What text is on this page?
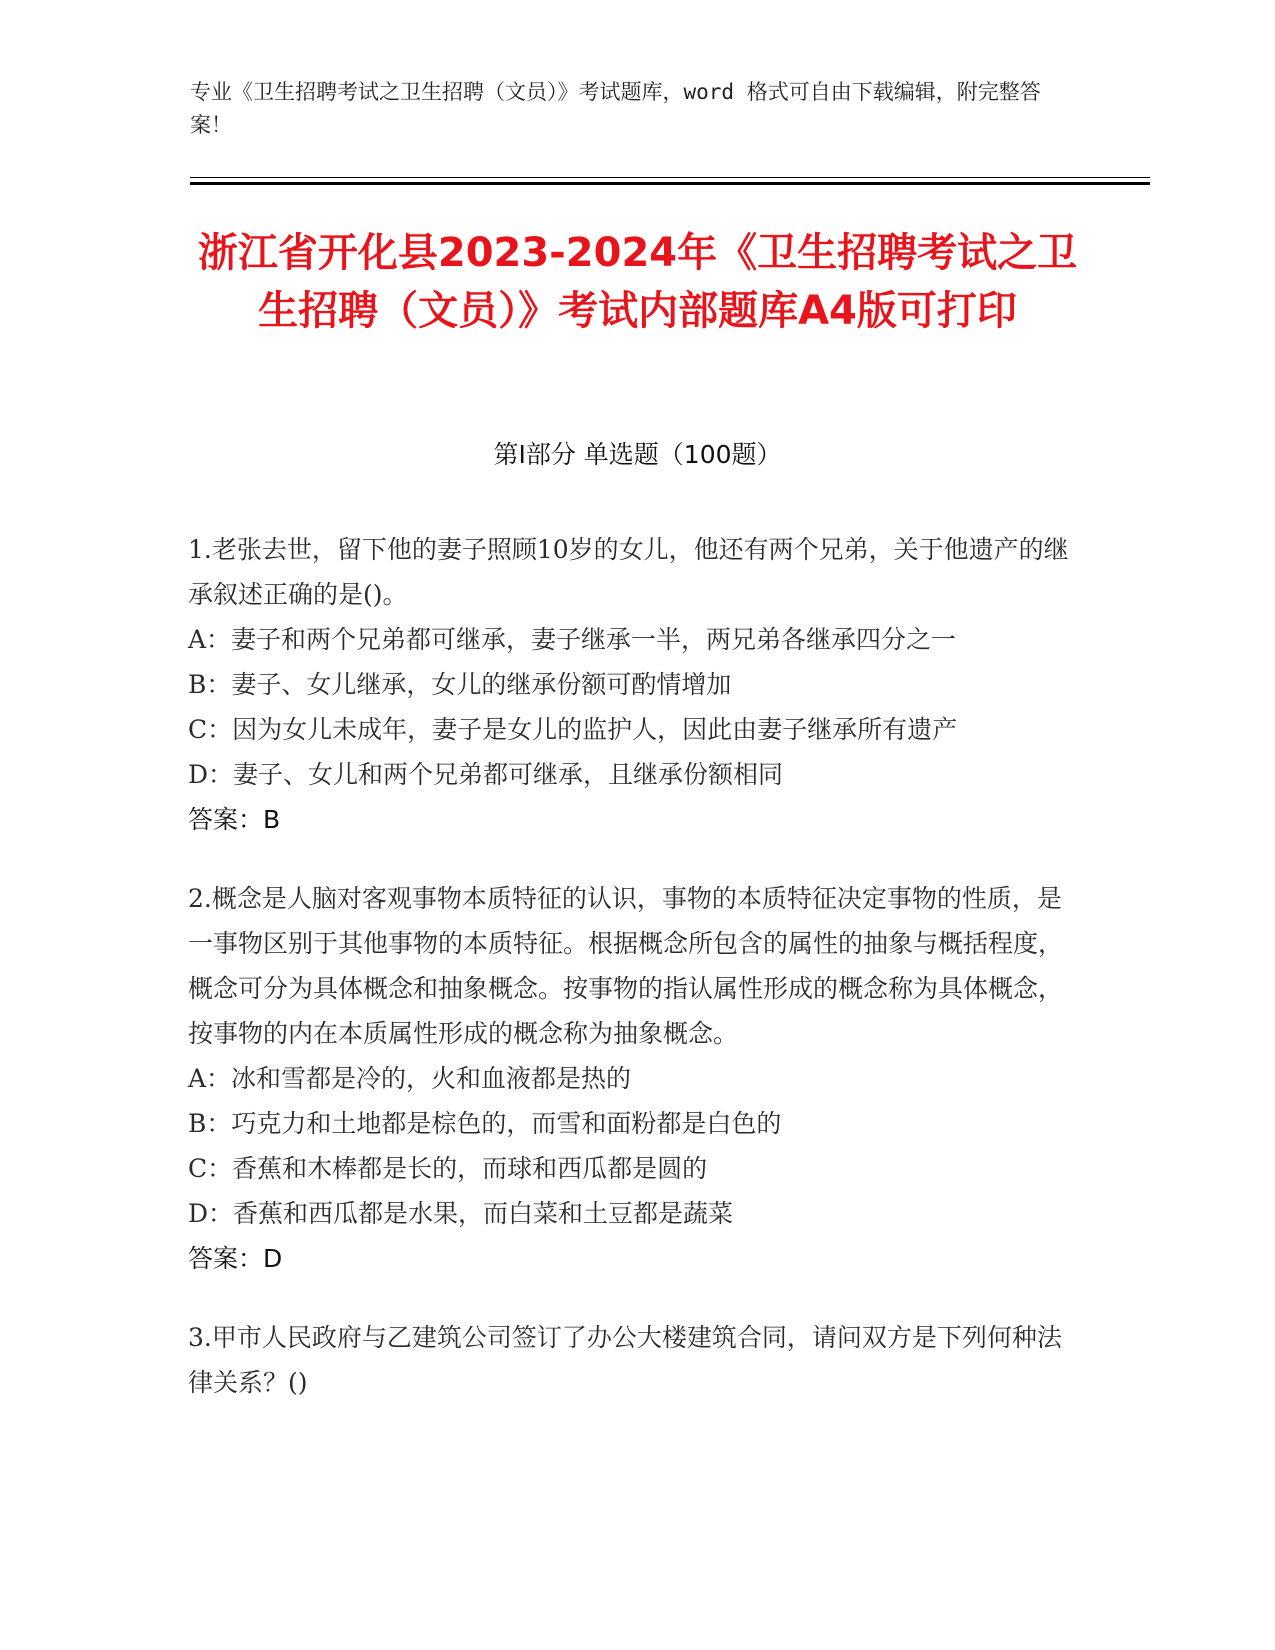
专业《卫生招聘考试之卫生招聘（文员）》考试题库，word 格式可自由下载编辑，附完整答案！
浙江省开化县2023-2024年《卫生招聘考试之卫生招聘（文员）》考试内部题库A4版可打印
第Ⅰ部分 单选题（100题）

1.老张去世，留下他的妻子照顾10岁的女儿，他还有两个兄弟，关于他遗产的继承叙述正确的是()。

A：妻子和两个兄弟都可继承，妻子继承一半，两兄弟各继承四分之一

B：妻子、女儿继承，女儿的继承份额可酌情增加

C：因为女儿未成年，妻子是女儿的监护人，因此由妻子继承所有遗产

D：妻子、女儿和两个兄弟都可继承，且继承份额相同

答案：B

2.概念是人脑对客观事物本质特征的认识，事物的本质特征决定事物的性质，是一事物区别于其他事物的本质特征。根据概念所包含的属性的抽象与概括程度，概念可分为具体概念和抽象概念。按事物的指认属性形成的概念称为具体概念，按事物的内在本质属性形成的概念称为抽象概念。

A：冰和雪都是冷的，火和血液都是热的

B：巧克力和土地都是棕色的，而雪和面粉都是白色的

C：香蕉和木棒都是长的，而球和西瓜都是圆的

D：香蕉和西瓜都是水果，而白菜和土豆都是蔬菜

答案：D

3.甲市人民政府与乙建筑公司签订了办公大楼建筑合同，请问双方是下列何种法律关系？()
